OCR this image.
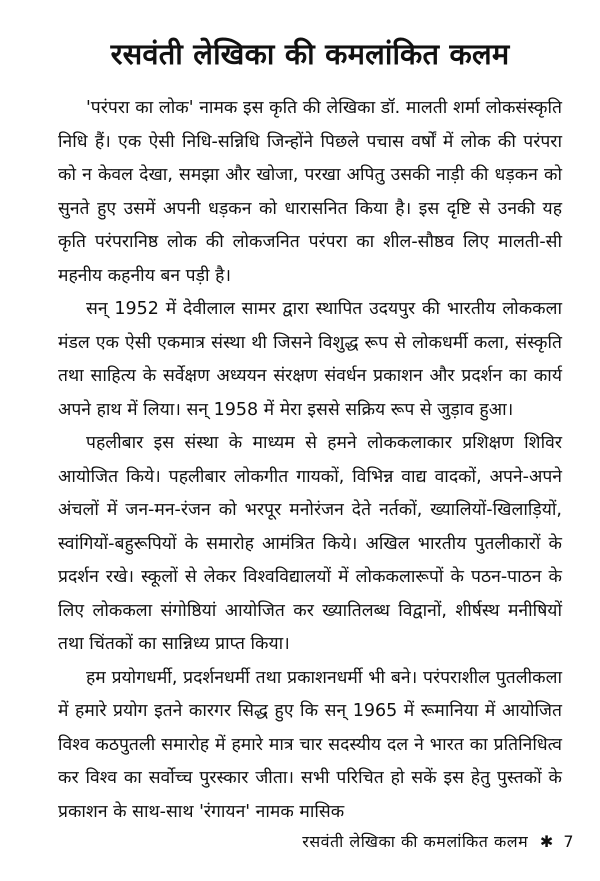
रसवंती लेखिका की कमलांकित कलम

'परंपरा का लोक' नामक इस कृति की लेखिका डॉ. मालती शर्मा लोकसंस्कृति निधि हैं। एक ऐसी निधि-सन्निधि जिन्होंने पिछले पचास वर्षों में लोक की परंपरा को न केवल देखा, समझा और खोजा, परखा अपितु उसकी नाड़ी की धड़कन को सुनते हुए उसमें अपनी धड़कन को धारासनित किया है। इस दृष्टि से उनकी यह कृति परंपरानिष्ठ लोक की लोकजनित परंपरा का शील-सौष्ठव लिए मालती-सी महनीय कहनीय बन पड़ी है।

सन् 1952 में देवीलाल सामर द्वारा स्थापित उदयपुर की भारतीय लोककला मंडल एक ऐसी एकमात्र संस्था थी जिसने विशुद्ध रूप से लोकधर्मी कला, संस्कृति तथा साहित्य के सर्वेक्षण अध्ययन संरक्षण संवर्धन प्रकाशन और प्रदर्शन का कार्य अपने हाथ में लिया। सन् 1958 में मेरा इससे सक्रिय रूप से जुड़ाव हुआ।

पहलीबार इस संस्था के माध्यम से हमने लोककलाकार प्रशिक्षण शिविर आयोजित किये। पहलीबार लोकगीत गायकों, विभिन्न वाद्य वादकों, अपने-अपने अंचलों में जन-मन-रंजन को भरपूर मनोरंजन देते नर्तकों, ख्यालियों-खिलाड़ियों, स्वांगियों-बहुरूपियों के समारोह आमंत्रित किये। अखिल भारतीय पुतलीकारों के प्रदर्शन रखे। स्कूलों से लेकर विश्वविद्यालयों में लोककलारूपों के पठन-पाठन के लिए लोककला संगोष्ठियां आयोजित कर ख्यातिलब्ध विद्वानों, शीर्षस्थ मनीषियों तथा चिंतकों का सान्निध्य प्राप्त किया।

हम प्रयोगधर्मी, प्रदर्शनधर्मी तथा प्रकाशनधर्मी भी बने। परंपराशील पुतलीकला में हमारे प्रयोग इतने कारगर सिद्ध हुए कि सन् 1965 में रूमानिया में आयोजित विश्व कठपुतली समारोह में हमारे मात्र चार सदस्यीय दल ने भारत का प्रतिनिधित्व कर विश्व का सर्वोच्च पुरस्कार जीता। सभी परिचित हो सकें इस हेतु पुस्तकों के प्रकाशन के साथ-साथ 'रंगायन' नामक मासिक

रसवंती लेखिका की कमलांकित कलम ✱ 7
